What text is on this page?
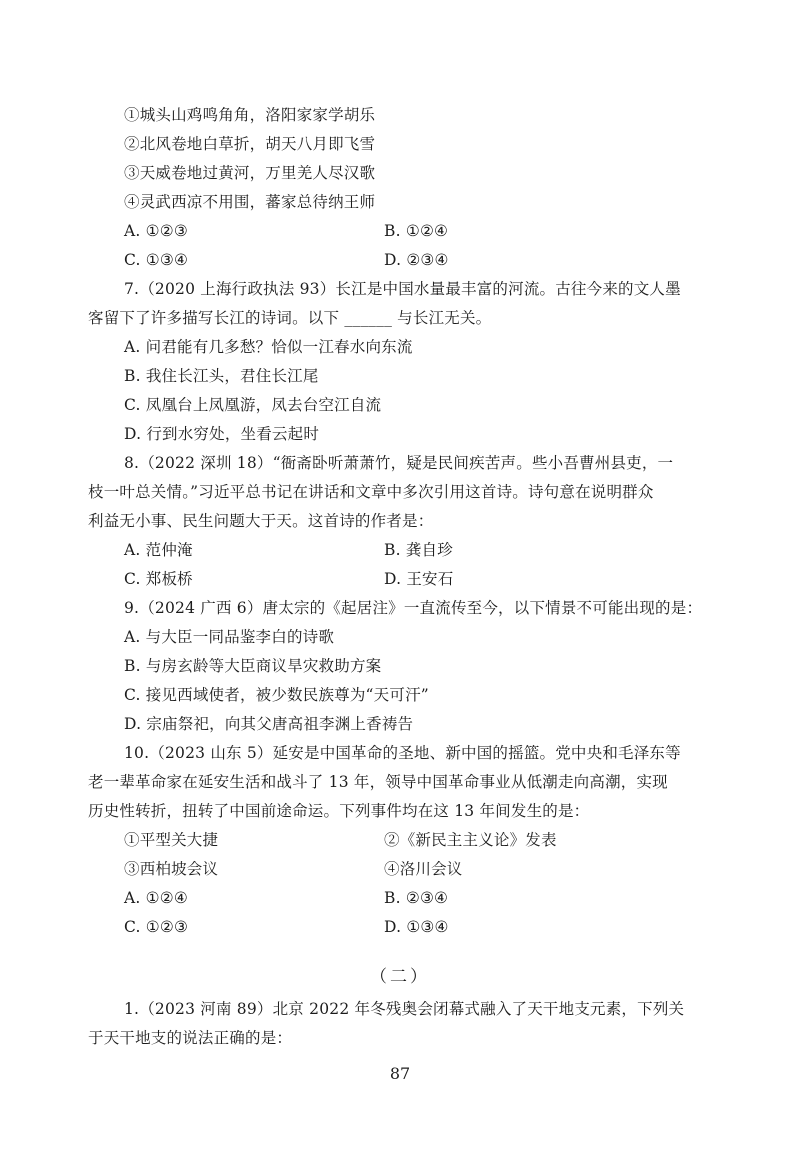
①城头山鸡鸣角角，洛阳家家学胡乐
②北风卷地白草折，胡天八月即飞雪
③天威卷地过黄河，万里羌人尽汉歌
④灵武西凉不用围，蕃家总待纳王师
A. ①②③	B. ①②④
C. ①③④	D. ②③④
7.（2020 上海行政执法 93）长江是中国水量最丰富的河流。古往今来的文人墨
客留下了许多描写长江的诗词。以下 ______ 与长江无关。
A. 问君能有几多愁？恰似一江春水向东流
B. 我住长江头，君住长江尾
C. 凤凰台上凤凰游，凤去台空江自流
D. 行到水穷处，坐看云起时
8.（2022 深圳 18）“衙斋卧听萧萧竹，疑是民间疾苦声。些小吾曹州县吏，一
枝一叶总关情。”习近平总书记在讲话和文章中多次引用这首诗。诗句意在说明群众
利益无小事、民生问题大于天。这首诗的作者是：
A. 范仲淹	B. 龚自珍
C. 郑板桥	D. 王安石
9.（2024 广西 6）唐太宗的《起居注》一直流传至今，以下情景不可能出现的是：
A. 与大臣一同品鉴李白的诗歌
B. 与房玄龄等大臣商议旱灾救助方案
C. 接见西域使者，被少数民族尊为“天可汗”
D. 宗庙祭祀，向其父唐高祖李渊上香祷告
10.（2023 山东 5）延安是中国革命的圣地、新中国的摇篮。党中央和毛泽东等
老一辈革命家在延安生活和战斗了 13 年，领导中国革命事业从低潮走向高潮，实现
历史性转折，扭转了中国前途命运。下列事件均在这 13 年间发生的是：
①平型关大捷	②《新民主主义论》发表
③西柏坡会议	④洛川会议
A. ①②④	B. ②③④
C. ①②③	D. ①③④
（二）
1.（2023 河南 89）北京 2022 年冬残奥会闭幕式融入了天干地支元素，下列关
于天干地支的说法正确的是：
87
